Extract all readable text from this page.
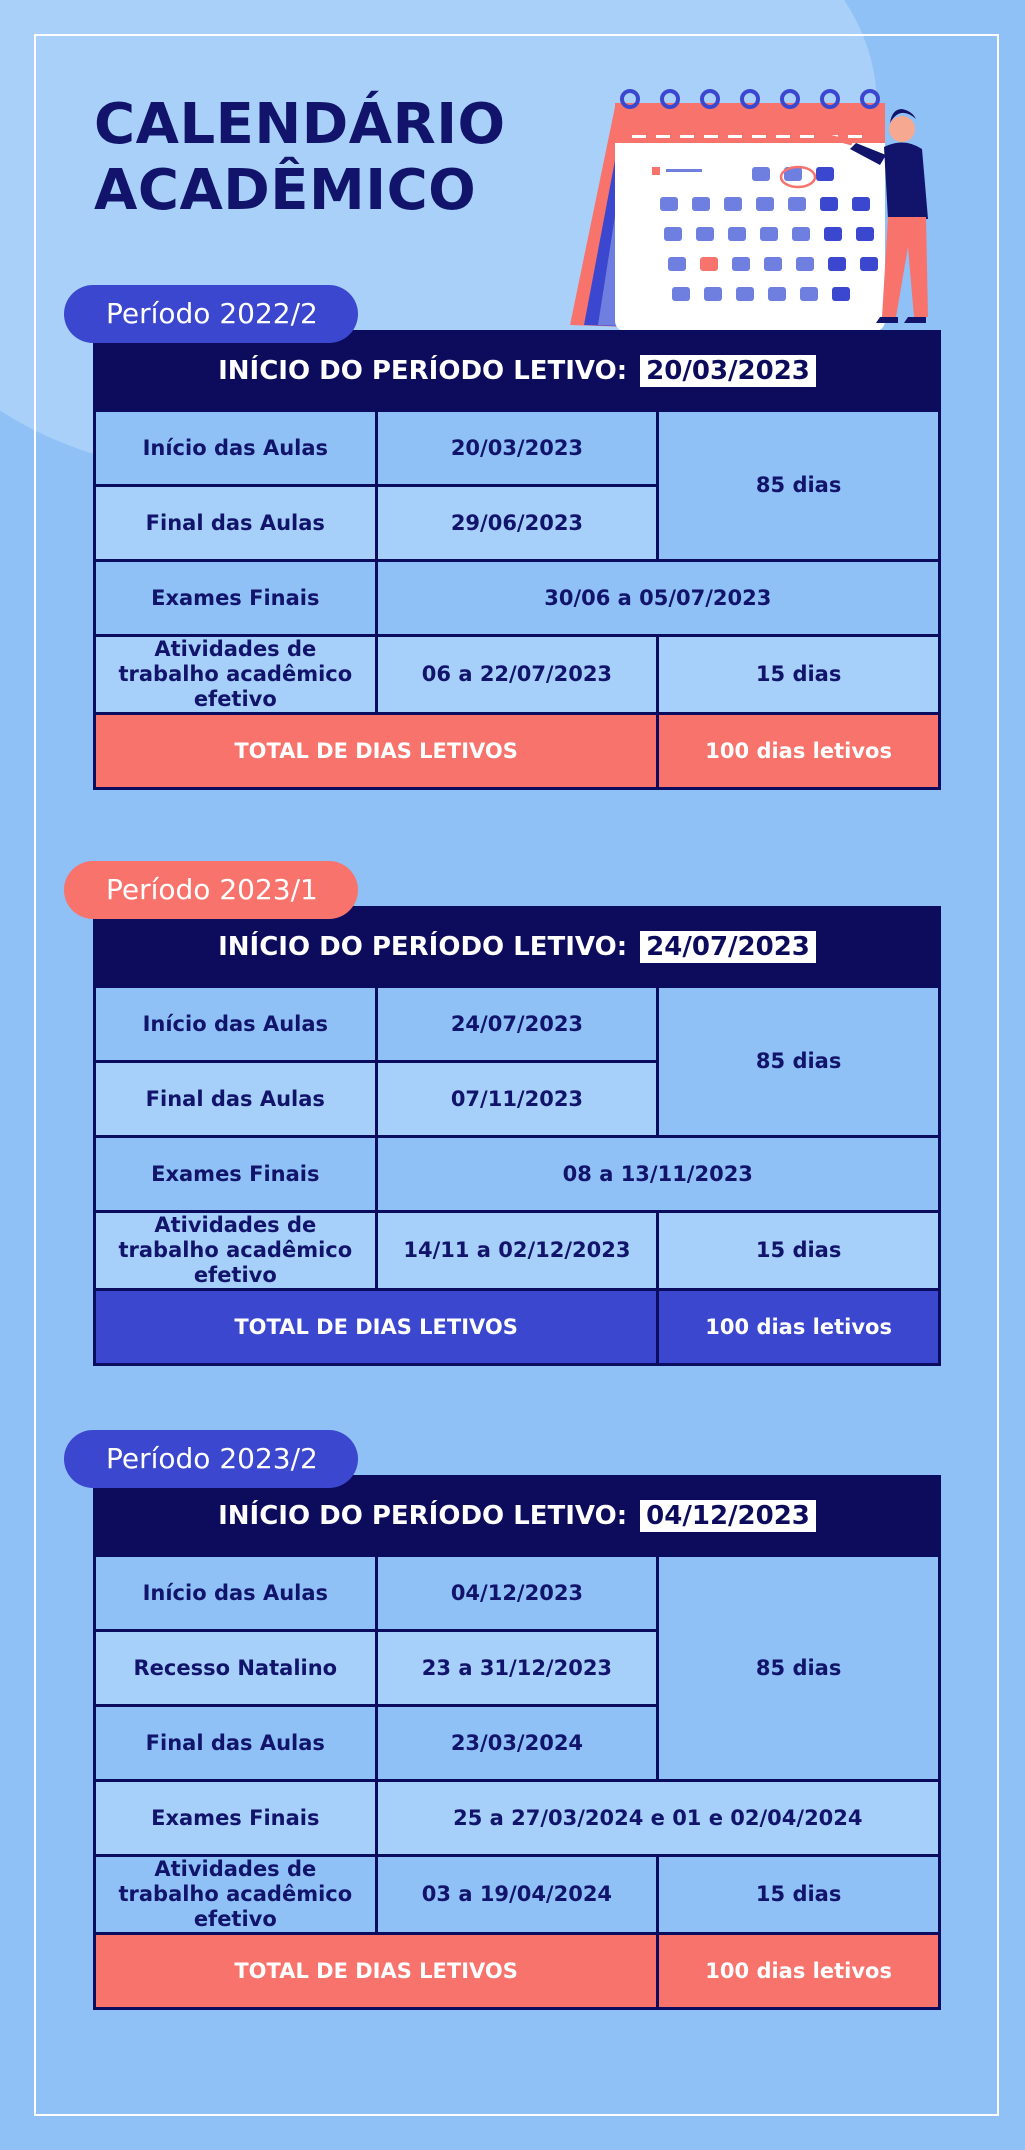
CALENDÁRIO
ACADÊMICO
Período 2022/2
INÍCIO DO PERÍODO LETIVO: 20/03/2023		
Início das Aulas	20/03/2023	85 dias
Final das Aulas	29/06/2023	
Exames Finais	30/06 a 05/07/2023	
Atividades de trabalho acadêmico efetivo	06 a 22/07/2023	15 dias
TOTAL DE DIAS LETIVOS		100 dias letivos
Período 2023/1
INÍCIO DO PERÍODO LETIVO: 24/07/2023		
Início das Aulas	24/07/2023	85 dias
Final das Aulas	07/11/2023	
Exames Finais	08 a 13/11/2023	
Atividades de trabalho acadêmico efetivo	14/11 a 02/12/2023	15 dias
TOTAL DE DIAS LETIVOS		100 dias letivos
Período 2023/2
INÍCIO DO PERÍODO LETIVO: 04/12/2023		
Início das Aulas	04/12/2023	85 dias
Recesso Natalino	23 a 31/12/2023	
Final das Aulas	23/03/2024	
Exames Finais	25 a 27/03/2024 e 01 e 02/04/2024	
Atividades de trabalho acadêmico efetivo	03 a 19/04/2024	15 dias
TOTAL DE DIAS LETIVOS		100 dias letivos
